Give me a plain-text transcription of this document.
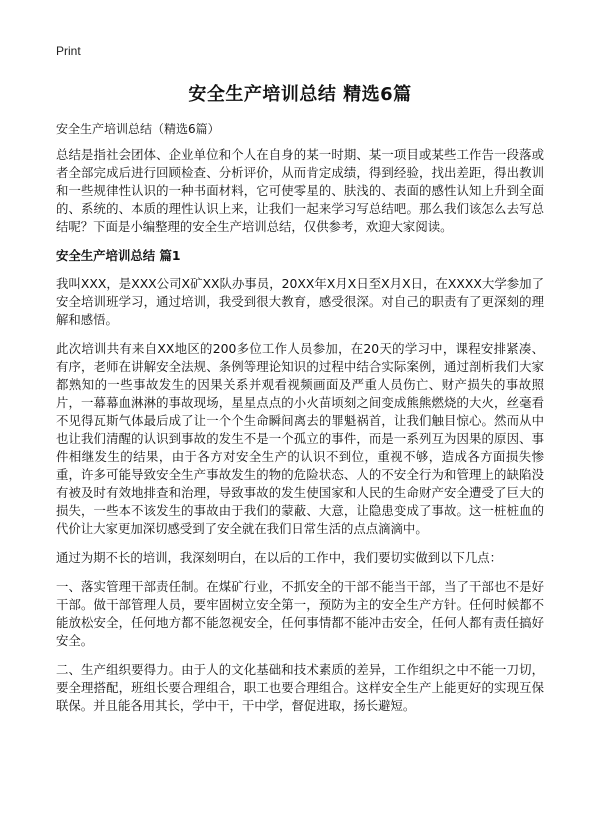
Print
安全生产培训总结 精选6篇

安全生产培训总结（精选6篇）

总结是指社会团体、企业单位和个人在自身的某一时期、某一项目或某些工作告一段落或者全部完成后进行回顾检查、分析评价，从而肯定成绩，得到经验，找出差距，得出教训和一些规律性认识的一种书面材料，它可使零星的、肤浅的、表面的感性认知上升到全面的、系统的、本质的理性认识上来，让我们一起来学习写总结吧。那么我们该怎么去写总结呢？下面是小编整理的安全生产培训总结，仅供参考，欢迎大家阅读。

安全生产培训总结 篇1

我叫XXX，是XXX公司X矿XX队办事员，20XX年X月X日至X月X日，在XXXX大学参加了安全培训班学习，通过培训，我受到很大教育，感受很深。对自己的职责有了更深刻的理解和感悟。

此次培训共有来自XX地区的200多位工作人员参加，在20天的学习中，课程安排紧凑、有序，老师在讲解安全法规、条例等理论知识的过程中结合实际案例，通过剖析我们大家都熟知的一些事故发生的因果关系并观看视频画面及严重人员伤亡、财产损失的事故照片，一幕幕血淋淋的事故现场，星星点点的小火苗顷刻之间变成熊熊燃烧的大火，丝毫看不见得瓦斯气体最后成了让一个个生命瞬间离去的罪魁祸首，让我们触目惊心。然而从中也让我们清醒的认识到事故的发生不是一个孤立的事件，而是一系列互为因果的原因、事件相继发生的结果，由于各方对安全生产的认识不到位，重视不够，造成各方面损失惨重，许多可能导致安全生产事故发生的物的危险状态、人的不安全行为和管理上的缺陷没有被及时有效地排查和治理，导致事故的发生使国家和人民的生命财产安全遭受了巨大的损失，一些本不该发生的事故由于我们的蒙蔽、大意，让隐患变成了事故。这一桩桩血的代价让大家更加深切感受到了安全就在我们日常生活的点点滴滴中。

通过为期不长的培训，我深刻明白，在以后的工作中，我们要切实做到以下几点：

一、落实管理干部责任制。在煤矿行业，不抓安全的干部不能当干部，当了干部也不是好干部。做干部管理人员，要牢固树立安全第一，预防为主的安全生产方针。任何时候都不能放松安全，任何地方都不能忽视安全，任何事情都不能冲击安全，任何人都有责任搞好安全。

二、生产组织要得力。由于人的文化基础和技术素质的差异，工作组织之中不能一刀切，要全理搭配，班组长要合理组合，职工也要合理组合。这样安全生产上能更好的实现互保联保。并且能各用其长，学中干，干中学，督促进取，扬长避短。
